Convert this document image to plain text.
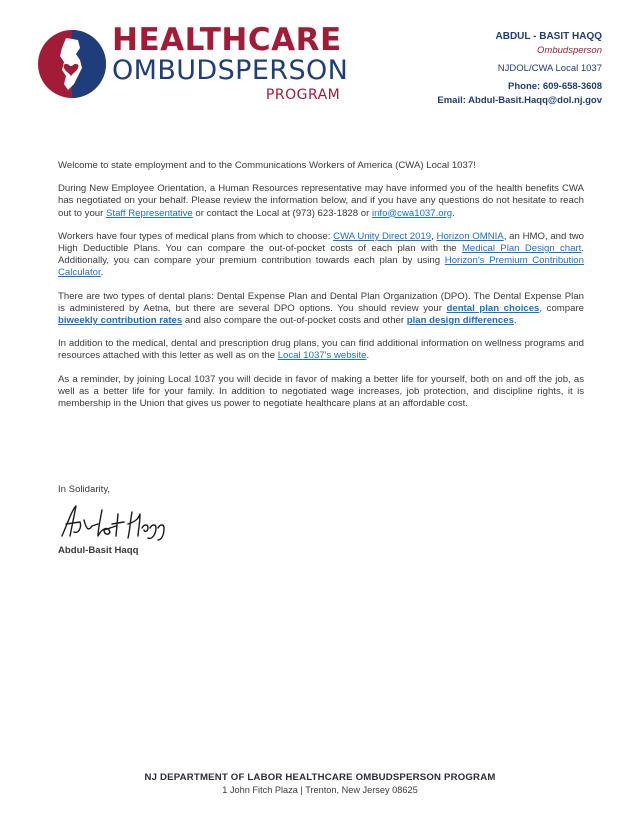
HEALTHCARE
OMBUDSPERSON
PROGRAM
ABDUL - BASIT HAQQ
Ombudsperson
NJDOL/CWA Local 1037
Phone: 609-658-3608
Email: Abdul-Basit.Haqq@dol.nj.gov

Welcome to state employment and to the Communications Workers of America (CWA) Local 1037!

During New Employee Orientation, a Human Resources representative may have informed you of the health benefits CWA has negotiated on your behalf. Please review the information below, and if you have any questions do not hesitate to reach out to your Staff Representative or contact the Local at (973) 623-1828 or info@cwa1037.org.

Workers have four types of medical plans from which to choose: CWA Unity Direct 2019, Horizon OMNIA, an HMO, and two High Deductible Plans. You can compare the out-of-pocket costs of each plan with the Medical Plan Design chart. Additionally, you can compare your premium contribution towards each plan by using Horizon's Premium Contribution Calculator.

There are two types of dental plans: Dental Expense Plan and Dental Plan Organization (DPO). The Dental Expense Plan is administered by Aetna, but there are several DPO options. You should review your dental plan choices, compare biweekly contribution rates and also compare the out-of-pocket costs and other plan design differences.

In addition to the medical, dental and prescription drug plans, you can find additional information on wellness programs and resources attached with this letter as well as on the Local 1037's website.

As a reminder, by joining Local 1037 you will decide in favor of making a better life for yourself, both on and off the job, as well as a better life for your family. In addition to negotiated wage increases, job protection, and discipline rights, it is membership in the Union that gives us power to negotiate healthcare plans at an affordable cost.

In Solidarity,
Abdul-Basit Haqq
NJ DEPARTMENT OF LABOR HEALTHCARE OMBUDSPERSON PROGRAM
1 John Fitch Plaza | Trenton, New Jersey 08625
